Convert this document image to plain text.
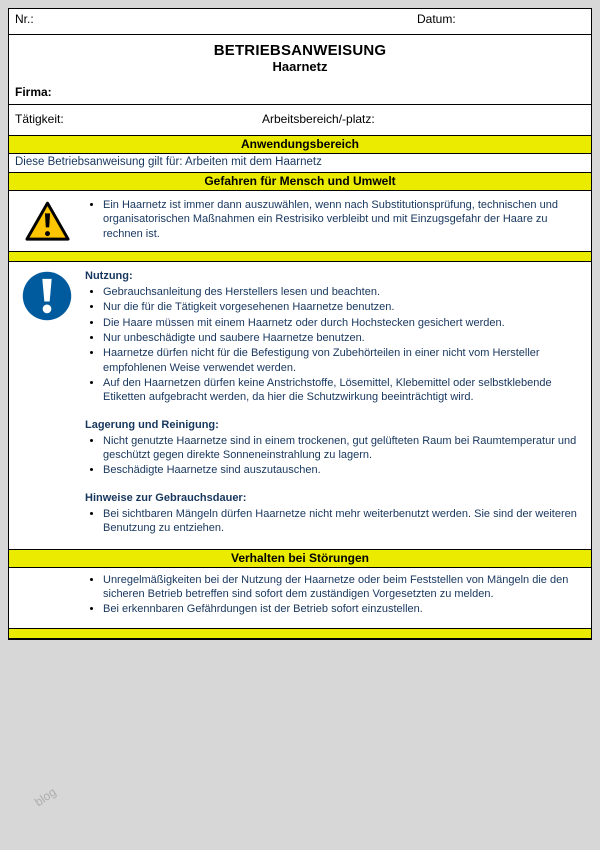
Nr.:	Datum:
BETRIEBSANWEISUNG
Haarnetz
Firma:
Tätigkeit:	Arbeitsbereich/-platz:
Anwendungsbereich
Diese Betriebsanweisung gilt für: Arbeiten mit dem Haarnetz
Gefahren für Mensch und Umwelt
• Ein Haarnetz ist immer dann auszuwählen, wenn nach Substitutionsprüfung, technischen und organisatorischen Maßnahmen ein Restrisiko verbleibt und mit Einzugsgefahr der Haare zu rechnen ist.
Nutzung:
• Gebrauchsanleitung des Herstellers lesen und beachten.
• Nur die für die Tätigkeit vorgesehenen Haarnetze benutzen.
• Die Haare müssen mit einem Haarnetz oder durch Hochstecken gesichert werden.
• Nur unbeschädigte und saubere Haarnetze benutzen.
• Haarnetze dürfen nicht für die Befestigung von Zubehörteilen in einer nicht vom Hersteller empfohlenen Weise verwendet werden.
• Auf den Haarnetzen dürfen keine Anstrichstoffe, Lösemittel, Klebemittel oder selbstklebende Etiketten aufgebracht werden, da hier die Schutzwirkung beeinträchtigt wird.
Lagerung und Reinigung:
• Nicht genutzte Haarnetze sind in einem trockenen, gut gelüfteten Raum bei Raumtemperatur und geschützt gegen direkte Sonneneinstrahlung zu lagern.
• Beschädigte Haarnetze sind auszutauschen.
Hinweise zur Gebrauchsdauer:
• Bei sichtbaren Mängeln dürfen Haarnetze nicht mehr weiterbenutzt werden. Sie sind der weiteren Benutzung zu entziehen.
Verhalten bei Störungen
• Unregelmäßigkeiten bei der Nutzung der Haarnetze oder beim Feststellen von Mängeln die den sicheren Betrieb betreffen sind sofort dem zuständigen Vorgesetzten zu melden.
• Bei erkennbaren Gefährdungen ist der Betrieb sofort einzustellen.
blog
